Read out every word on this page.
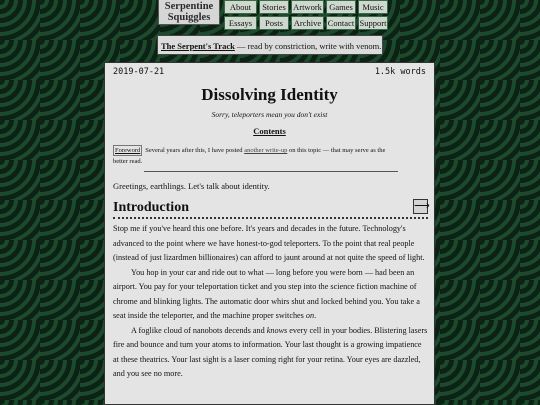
Serpentine
Squiggles
About	Stories Artwork Games	Music
Essays	Posts	Archive Contact Support
The Serpent's Track — read by constriction, write with venom.
2019-07-21	1.5k words
Dissolving Identity
Sorry, teleporters mean you don't exist
Contents
Foreword Several years after this, I have posted another write-up on this topic — that may serve as the better read.
Greetings, earthlings. Let's talk about identity.
Introduction	⟶

Stop me if you've heard this one before. It's years and decades in the future. Technology's advanced to the point where we have honest-to-god teleporters. To the point that real people (instead of just lizardmen billionaires) can afford to jaunt around at not quite the speed of light.

You hop in your car and ride out to what — long before you were born — had been an airport. You pay for your teleportation ticket and you step into the science fiction machine of chrome and blinking lights. The automatic door whirs shut and locked behind you. You take a seat inside the teleporter, and the machine proper switches on.

A foglike cloud of nanobots decends and knows every cell in your bodies. Blistering lasers fire and bounce and turn your atoms to information. Your last thought is a growing impatience at these theatrics. Your last sight is a laser coming right for your retina. Your eyes are dazzled, and you see no more.
